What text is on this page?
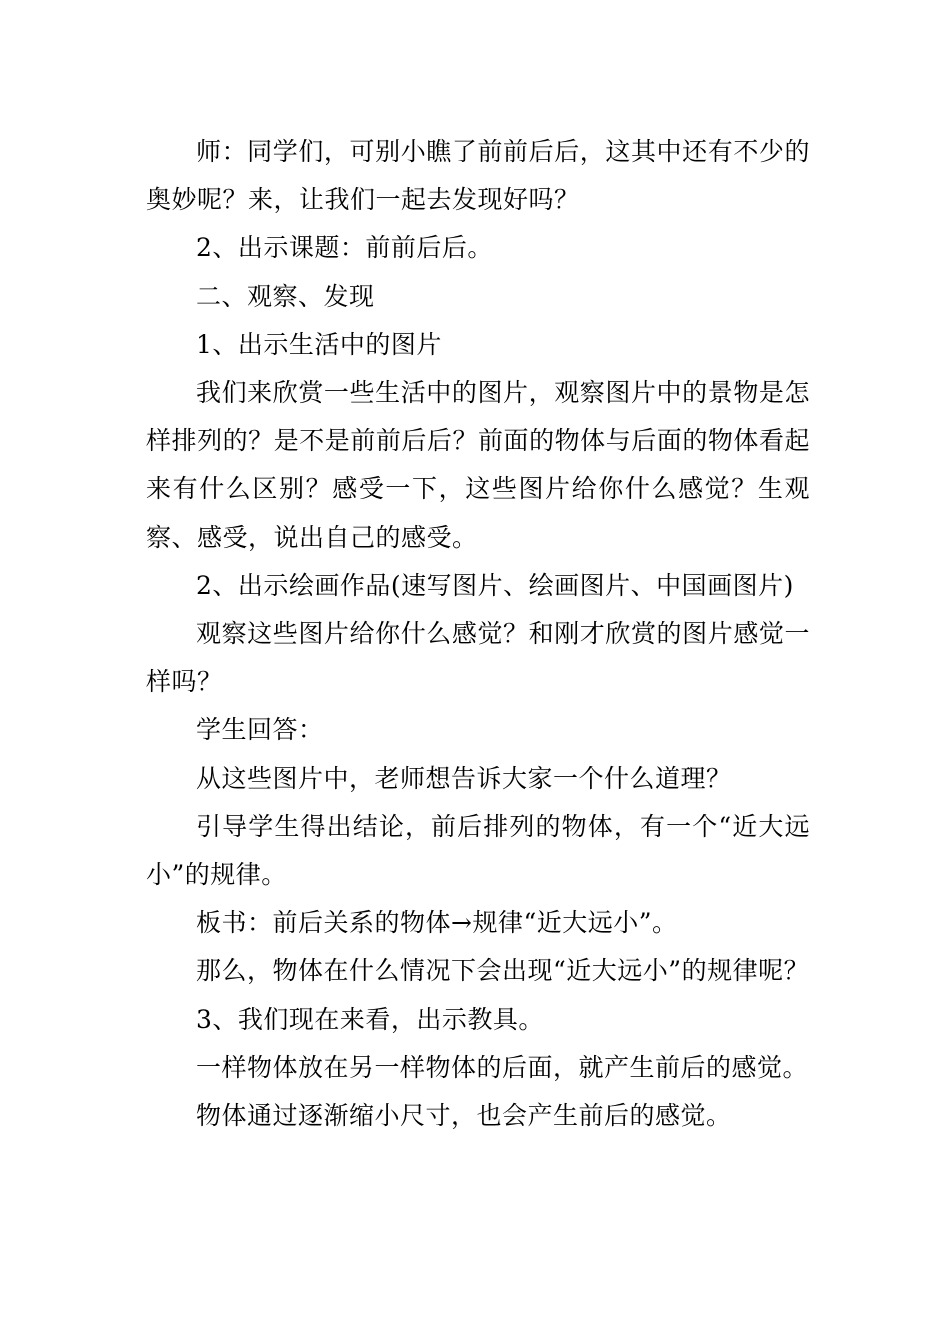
师：同学们，可别小瞧了前前后后，这其中还有不少的奥妙呢？来，让我们一起去发现好吗？

2、出示课题：前前后后。

二、观察、发现

1、出示生活中的图片

我们来欣赏一些生活中的图片，观察图片中的景物是怎样排列的？是不是前前后后？前面的物体与后面的物体看起来有什么区别？感受一下，这些图片给你什么感觉？生观察、感受，说出自己的感受。

2、出示绘画作品(速写图片、绘画图片、中国画图片)

观察这些图片给你什么感觉？和刚才欣赏的图片感觉一样吗？

学生回答：

从这些图片中，老师想告诉大家一个什么道理？

引导学生得出结论，前后排列的物体，有一个“近大远小”的规律。

板书：前后关系的物体→规律“近大远小”。

那么，物体在什么情况下会出现“近大远小”的规律呢？

3、我们现在来看，出示教具。

一样物体放在另一样物体的后面，就产生前后的感觉。

物体通过逐渐缩小尺寸，也会产生前后的感觉。
